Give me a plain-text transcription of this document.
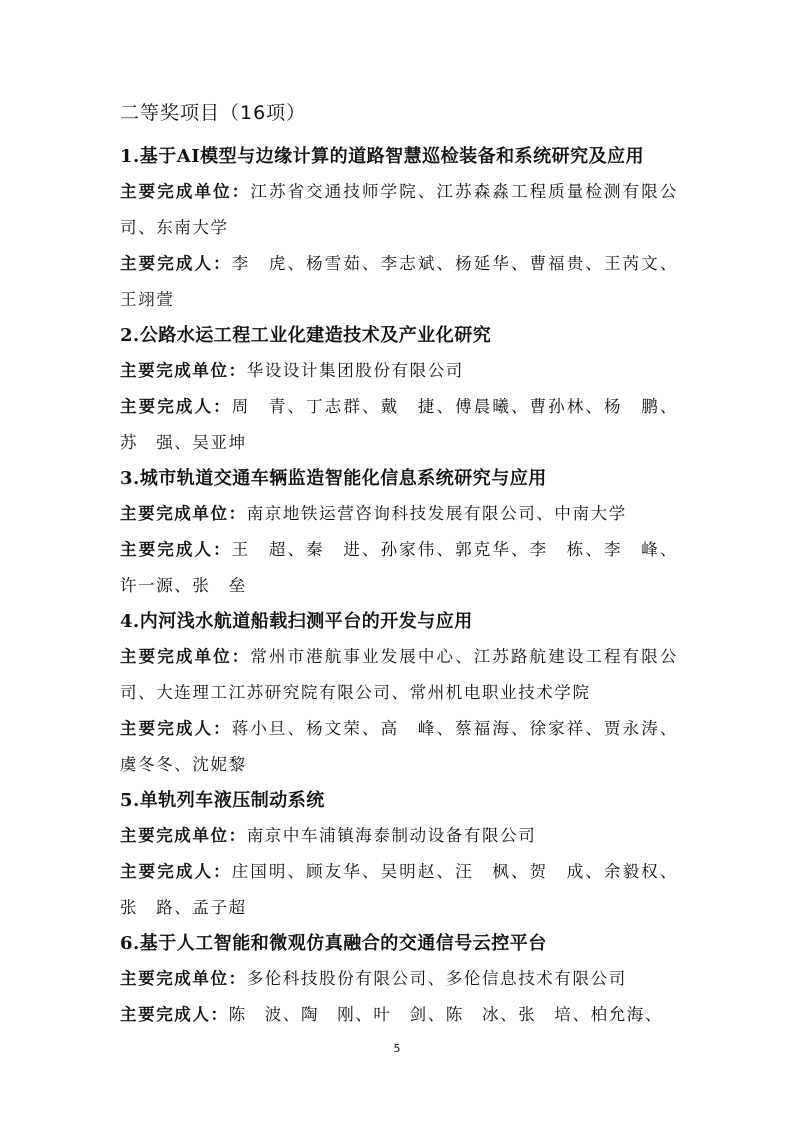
二等奖项目（16项）
1.基于AI模型与边缘计算的道路智慧巡检装备和系统研究及应用
主要完成单位：江苏省交通技师学院、江苏森淼工程质量检测有限公司、东南大学
主要完成人：李　虎、杨雪茹、李志斌、杨延华、曹福贵、王芮文、王翊萱
2.公路水运工程工业化建造技术及产业化研究
主要完成单位：华设设计集团股份有限公司
主要完成人：周　青、丁志群、戴　捷、傅晨曦、曹孙林、杨　鹏、苏　强、吴亚坤
3.城市轨道交通车辆监造智能化信息系统研究与应用
主要完成单位：南京地铁运营咨询科技发展有限公司、中南大学
主要完成人：王　超、秦　进、孙家伟、郭克华、李　栋、李　峰、许一源、张　垒
4.内河浅水航道船载扫测平台的开发与应用
主要完成单位：常州市港航事业发展中心、江苏路航建设工程有限公司、大连理工江苏研究院有限公司、常州机电职业技术学院
主要完成人：蒋小旦、杨文荣、高　峰、蔡福海、徐家祥、贾永涛、虞冬冬、沈妮黎
5.单轨列车液压制动系统
主要完成单位：南京中车浦镇海泰制动设备有限公司
主要完成人：庄国明、顾友华、吴明赵、汪　枫、贺　成、余毅权、张　路、孟子超
6.基于人工智能和微观仿真融合的交通信号云控平台
主要完成单位：多伦科技股份有限公司、多伦信息技术有限公司
主要完成人：陈　波、陶　刚、叶　剑、陈　冰、张　培、柏允海、
5
